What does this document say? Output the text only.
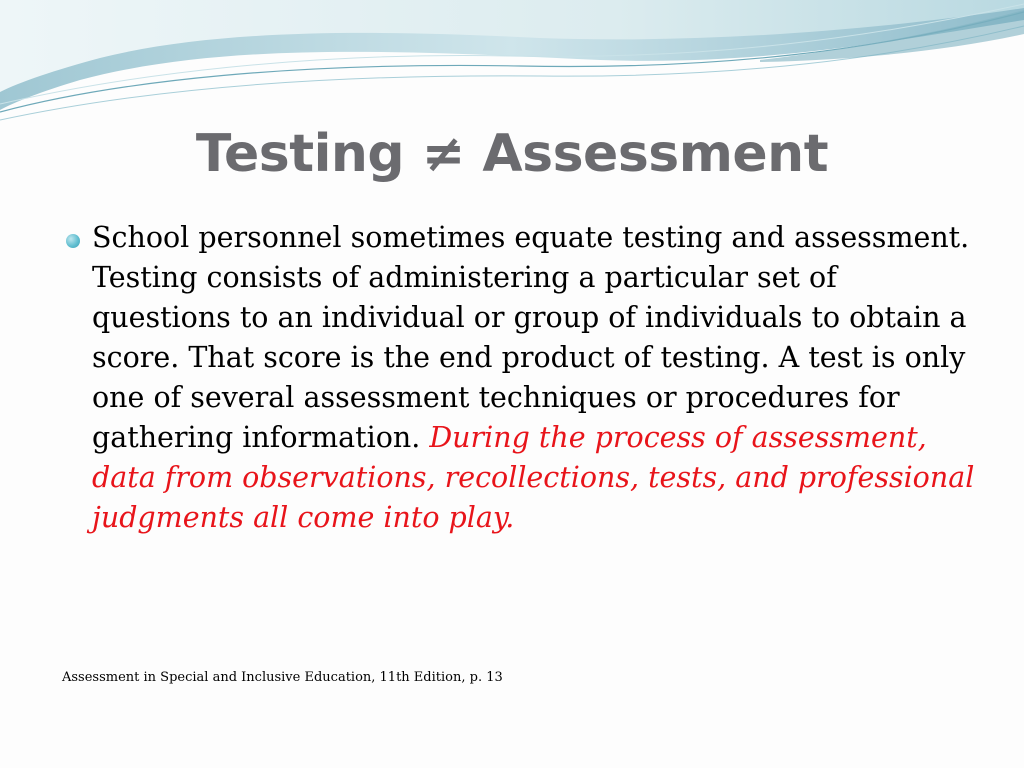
Testing ≠ Assessment
School personnel sometimes equate testing and assessment. Testing consists of administering a particular set of questions to an individual or group of individuals to obtain a score. That score is the end product of testing. A test is only one of several assessment techniques or procedures for gathering information. During the process of assessment, data from observations, recollections, tests, and professional judgments all come into play.
Assessment in Special and Inclusive Education, 11th Edition, p. 13
